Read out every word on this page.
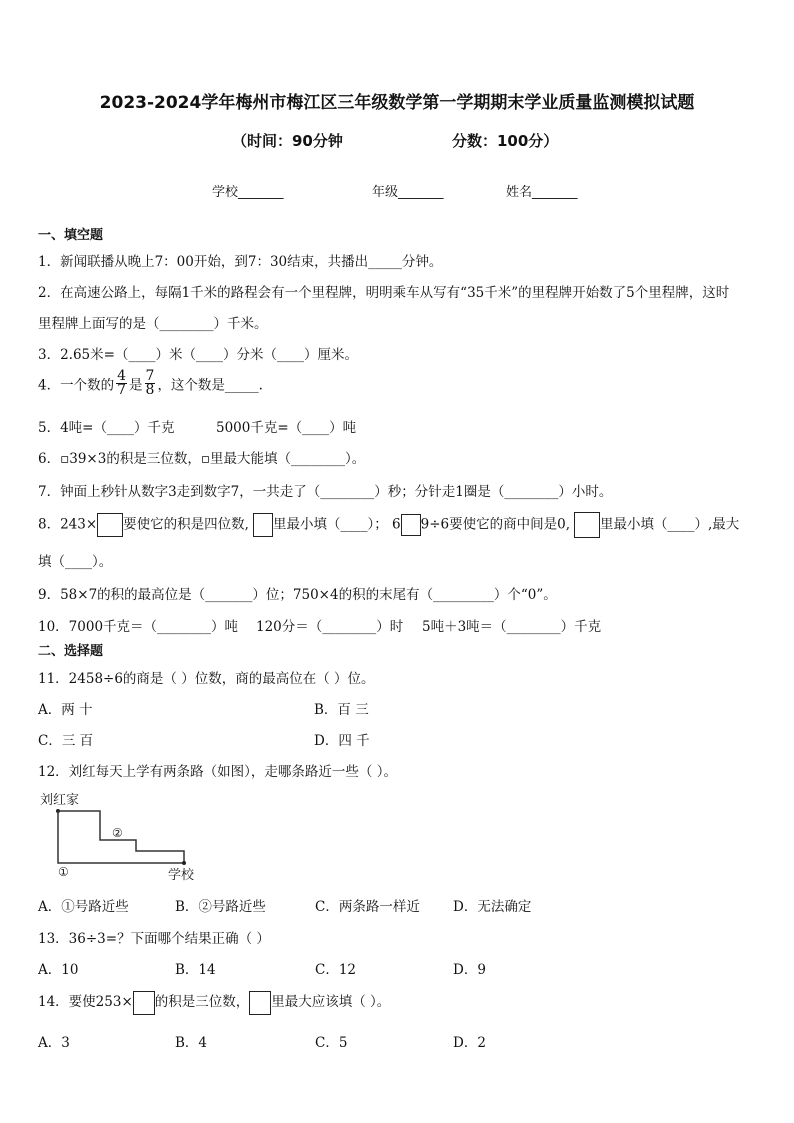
2023-2024学年梅州市梅江区三年级数学第一学期期末学业质量监测模拟试题
（时间：90分钟	分数：100分）
学校_______	年级_______	姓名_______
一、填空题
1．新闻联播从晚上7：00开始，到7：30结束，共播出_____分钟。
2．在高速公路上，每隔1千米的路程会有一个里程牌，明明乘车从写有“35千米”的里程牌开始数了5个里程牌，这时
里程牌上面写的是（________）千米。
3．2.65米=（____）米（____）分米（____）厘米。
4．一个数的 $\frac{4}{7}$ 是 $\frac{7}{8}$ ，这个数是_____.
5．4吨=（____）千克	5000千克=（____）吨
6．▫39×3的积是三位数，▫里最大能填（________）。
7．钟面上秒针从数字3走到数字7，一共走了（________）秒；分针走1圈是（________）小时。
8．243× 要使它的积是四位数, 里最小填（____）； 6 9÷6要使它的商中间是0, 里最小填（____）,最大
填（____）。
9．58×7的积的最高位是（_______）位；750×4的积的末尾有（_________）个“0”。
10．7000千克＝（________）吨 120分＝（________）时 5吨＋3吨＝（________）千克
二、选择题
11．2458÷6的商是（ ）位数，商的最高位在（ ）位。
A．两 十	B．百 三
C．三 百	D．四 千
12．刘红每天上学有两条路（如图），走哪条路近一些（ ）。
刘红家
②
①	学校
A．①号路近些	B．②号路近些	C．两条路一样近 D．无法确定
13．36÷3=？下面哪个结果正确（ ）
A．10	B．14	C．12	D．9
14．要使253× 的积是三位数， 里最大应该填（ ）。
A．3	B．4	C．5	D．2
